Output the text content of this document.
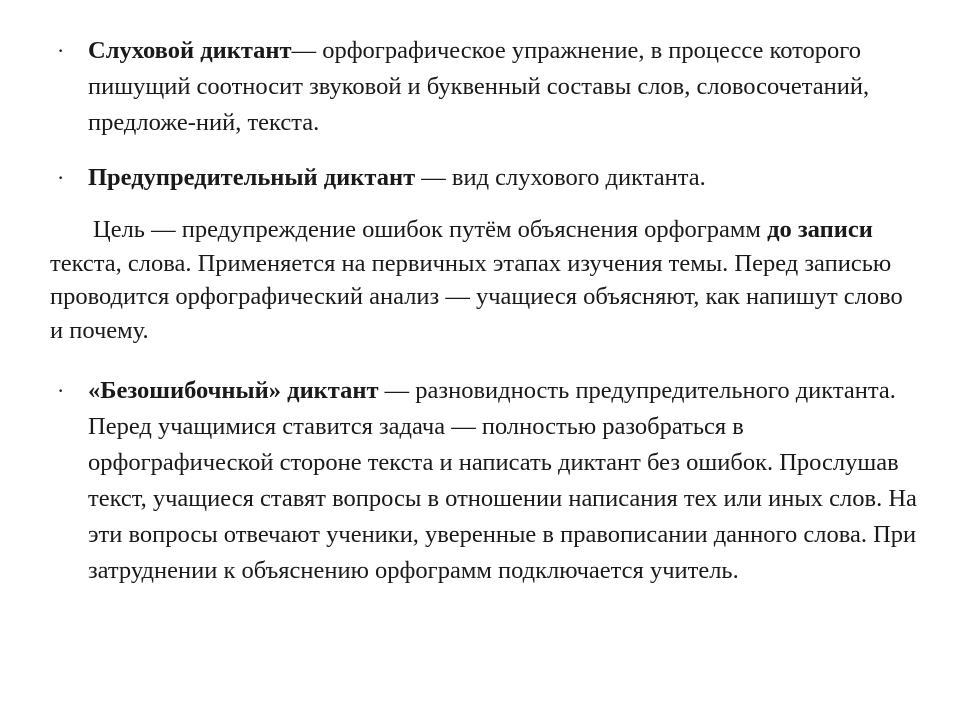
· Слуховой диктант— орфографическое упражнение, в процессе которого пишущий соотносит звуковой и буквенный составы слов, словосочетаний, предложе-ний, текста.
· Предупредительный диктант — вид слухового диктанта.
Цель — предупреждение ошибок путём объяснения орфограмм до записи текста, слова. Применяется на первичных этапах изучения темы. Перед записью проводится орфографический анализ — учащиеся объясняют, как напишут слово и почему.
· «Безошибочный» диктант — разновидность предупредительного диктанта. Перед учащимися ставится задача — полностью разобраться в орфографической стороне текста и написать диктант без ошибок. Прослушав текст, учащиеся ставят вопросы в отношении написания тех или иных слов. На эти вопросы отвечают ученики, уверенные в правописании данного слова. При затруднении к объяснению орфограмм подключается учитель.
